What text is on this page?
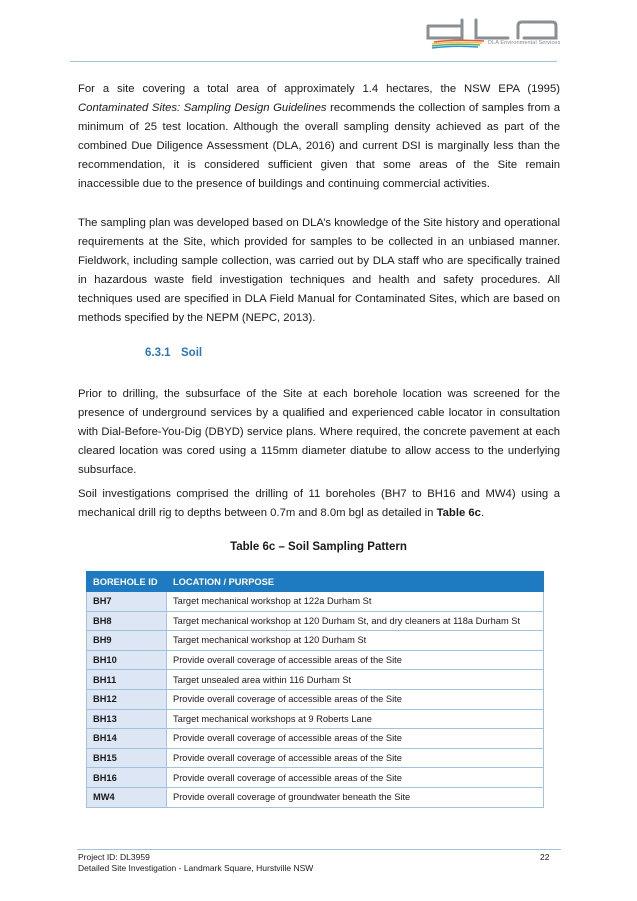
DLA Environmental Services

For a site covering a total area of approximately 1.4 hectares, the NSW EPA (1995) Contaminated Sites: Sampling Design Guidelines recommends the collection of samples from a minimum of 25 test location. Although the overall sampling density achieved as part of the combined Due Diligence Assessment (DLA, 2016) and current DSI is marginally less than the recommendation, it is considered sufficient given that some areas of the Site remain inaccessible due to the presence of buildings and continuing commercial activities.

The sampling plan was developed based on DLA’s knowledge of the Site history and operational requirements at the Site, which provided for samples to be collected in an unbiased manner. Fieldwork, including sample collection, was carried out by DLA staff who are specifically trained in hazardous waste field investigation techniques and health and safety procedures. All techniques used are specified in DLA Field Manual for Contaminated Sites, which are based on methods specified by the NEPM (NEPC, 2013).

6.3.1 Soil

Prior to drilling, the subsurface of the Site at each borehole location was screened for the presence of underground services by a qualified and experienced cable locator in consultation with Dial-Before-You-Dig (DBYD) service plans. Where required, the concrete pavement at each cleared location was cored using a 115mm diameter diatube to allow access to the underlying subsurface.

Soil investigations comprised the drilling of 11 boreholes (BH7 to BH16 and MW4) using a mechanical drill rig to depths between 0.7m and 8.0m bgl as detailed in Table 6c.

Table 6c – Soil Sampling Pattern
BOREHOLE ID	LOCATION / PURPOSE
BH7	Target mechanical workshop at 122a Durham St
BH8	Target mechanical workshop at 120 Durham St, and dry cleaners at 118a Durham St
BH9	Target mechanical workshop at 120 Durham St
BH10	Provide overall coverage of accessible areas of the Site
BH11	Target unsealed area within 116 Durham St
BH12	Provide overall coverage of accessible areas of the Site
BH13	Target mechanical workshops at 9 Roberts Lane
BH14	Provide overall coverage of accessible areas of the Site
BH15	Provide overall coverage of accessible areas of the Site
BH16	Provide overall coverage of accessible areas of the Site
MW4	Provide overall coverage of groundwater beneath the Site
Project ID: DL3959
Detailed Site Investigation - Landmark Square, Hurstville NSW
22
